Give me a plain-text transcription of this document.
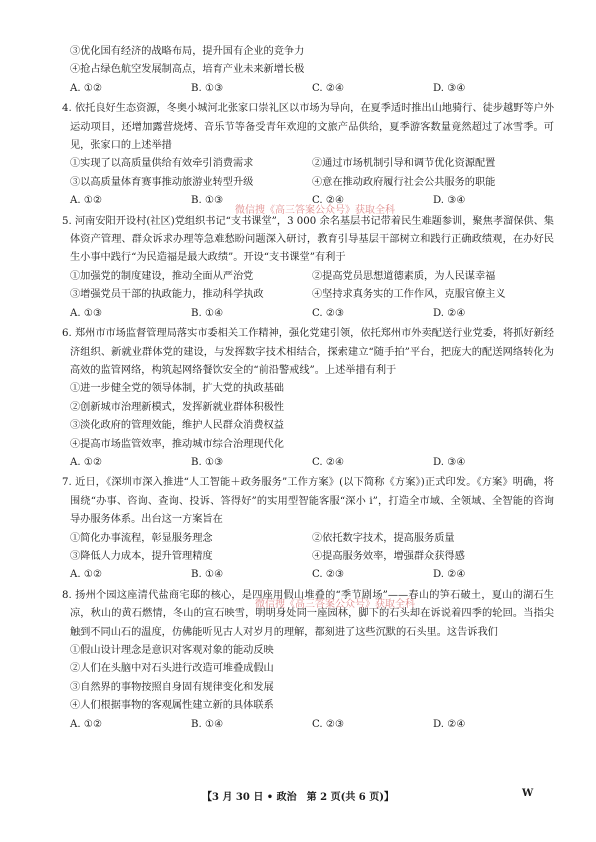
③优化国有经济的战略布局，提升国有企业的竞争力
④抢占绿色航空发展制高点，培育产业未来新增长极
A. ①②	B. ①③	C. ②④	D. ③④
4. 依托良好生态资源，冬奥小城河北张家口崇礼区以市场为导向，在夏季适时推出山地骑行、徒步越野等户外运动项目，还增加露营烧烤、音乐节等备受青年欢迎的文旅产品供给，夏季游客数量竟然超过了冰雪季。可见，张家口的上述举措
①实现了以高质量供给有效牵引消费需求	②通过市场机制引导和调节优化资源配置
③以高质量体育赛事推动旅游业转型升级	④意在推动政府履行社会公共服务的职能
A. ①②	B. ①③	C. ②④	D. ③④
5. 河南安阳开设村(社区)党组织书记“支书课堂”，3 000 余名基层书记带着民生难题参训，聚焦孝溜保供、集体资产管理、群众诉求办理等急难愁盼问题深入研讨，教育引导基层干部树立和践行正确政绩观，在办好民生小事中践行“为民造福是最大政绩”。开设“支书课堂”有利于
①加强党的制度建设，推动全面从严治党	②提高党员思想道德素质，为人民谋幸福
③增强党员干部的执政能力，推动科学执政	④坚持求真务实的工作作风，克服官僚主义
A. ①③	B. ①④	C. ②③	D. ②④
6. 郑州市市场监督管理局落实市委相关工作精神，强化党建引领，依托郑州市外卖配送行业党委，将抓好新经济组织、新就业群体党的建设，与发挥数字技术相结合，探索建立“随手拍”平台，把庞大的配送网络转化为高效的监管网络，构筑起网络餐饮安全的“前沿警戒线”。上述举措有利于
①进一步健全党的领导体制，扩大党的执政基础
②创新城市治理新模式，发挥新就业群体积极性
③淡化政府的管理效能，维护人民群众消费权益
④提高市场监管效率，推动城市综合治理现代化
A. ①②	B. ①③	C. ②④	D. ③④
7. 近日，《深圳市深入推进“人工智能＋政务服务”工作方案》(以下简称《方案》)正式印发。《方案》明确，将围绕“办事、咨询、查询、投诉、答得好”的实用型智能客服“深小 i”，打造全市域、全领域、全智能的咨询导办服务体系。出台这一方案旨在
①简化办事流程，彰显服务理念	②依托数字技术，提高服务质量
③降低人力成本，提升管理精度	④提高服务效率，增强群众获得感
A. ①②	B. ①④	C. ②③	D. ②④
8. 扬州个园这座清代盐商宅邸的核心，是四座用假山堆叠的“季节剧场”——春山的笋石破土，夏山的湖石生凉，秋山的黄石燃情，冬山的宣石映雪，明明身处同一座园林，脚下的石头却在诉说着四季的轮回。当指尖触到不同山石的温度，仿佛能听见古人对岁月的理解，都刻进了这些沉默的石头里。这告诉我们
①假山设计理念是意识对客观对象的能动反映
②人们在头脑中对石头进行改造可堆叠成假山
③自然界的事物按照自身固有规律变化和发展
④人们根据事物的客观属性建立新的具体联系
A. ①②	B. ①④	C. ②③	D. ②④
微信搜《高三答案公众号》获取全科
微信搜《高三答案公众号》获取全科
【3 月 30 日 • 政治　第 2 页(共 6 页)】	W
